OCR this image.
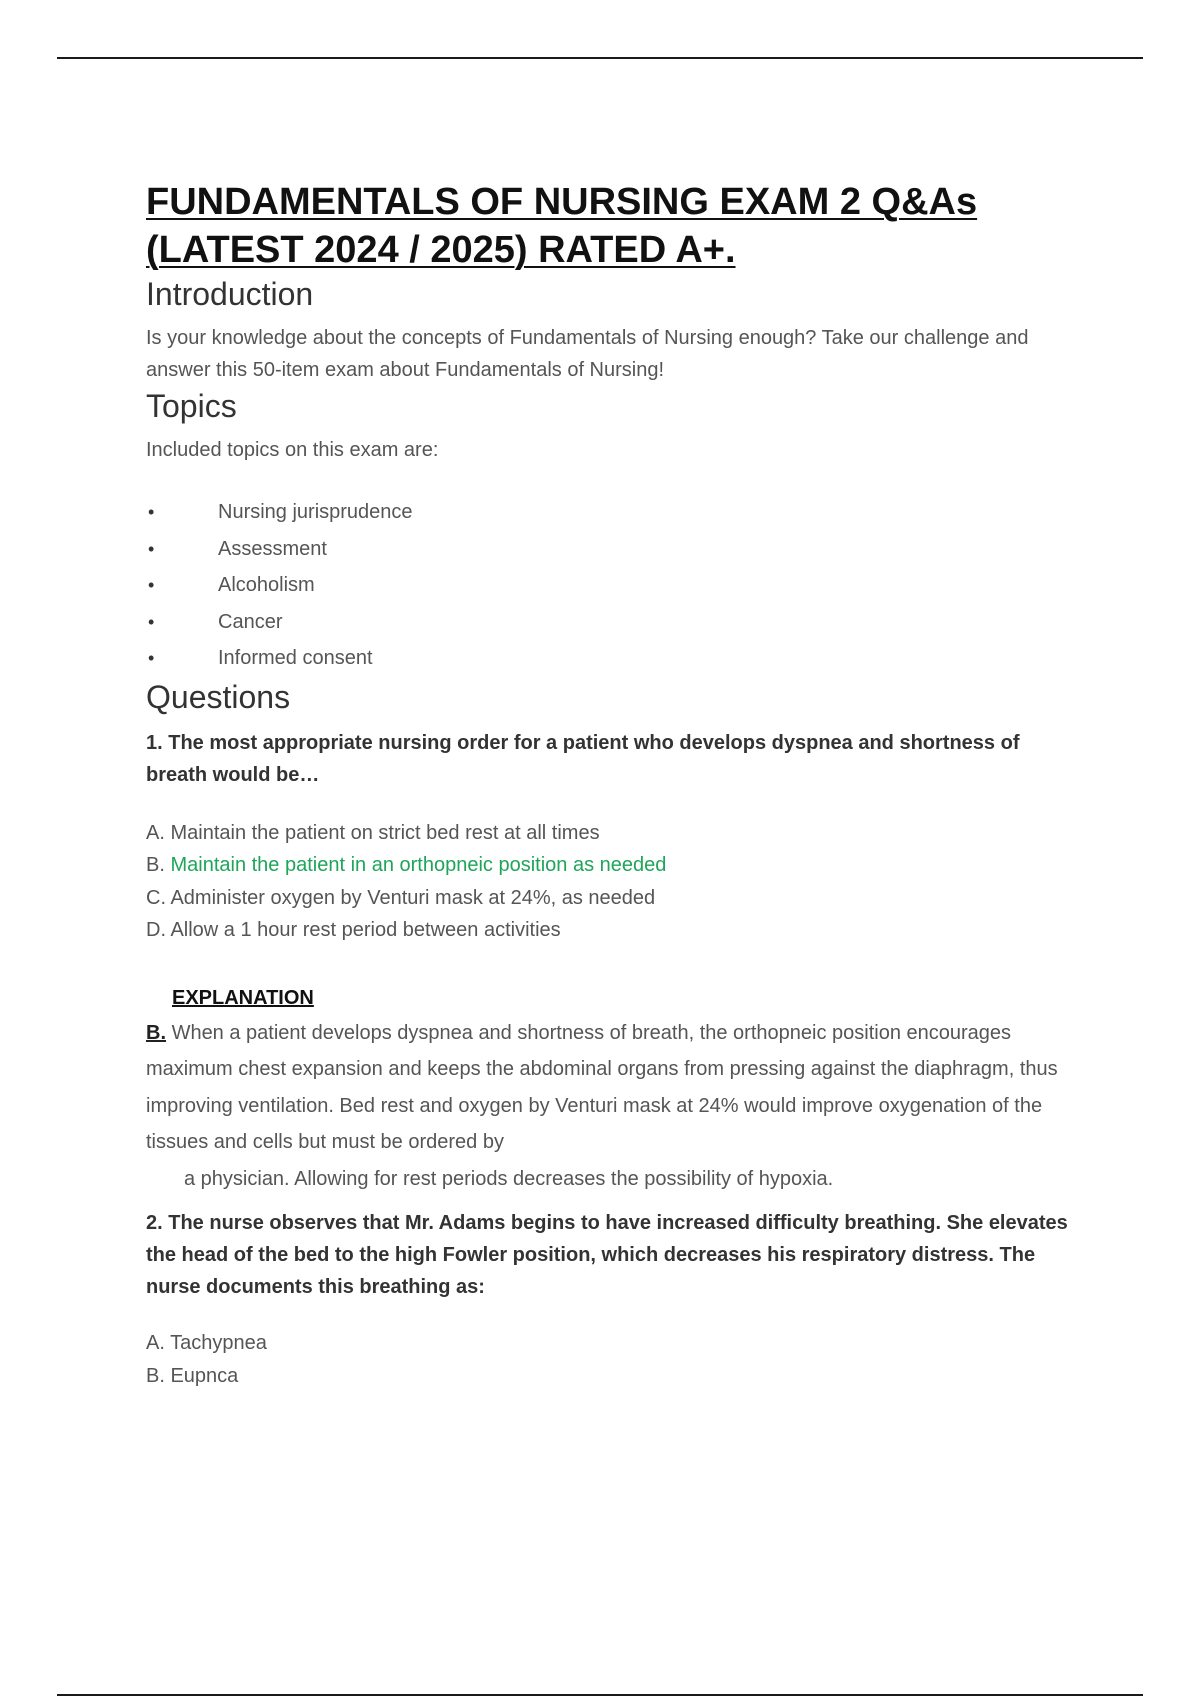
FUNDAMENTALS OF NURSING EXAM 2 Q&As
(LATEST 2024 / 2025) RATED A+.
Introduction

Is your knowledge about the concepts of Fundamentals of Nursing enough? Take our challenge and answer this 50-item exam about Fundamentals of Nursing!

Topics

Included topics on this exam are:

•	Nursing jurisprudence
•	Assessment
•	Alcoholism
•	Cancer
•	Informed consent
Questions

1. The most appropriate nursing order for a patient who develops dyspnea and shortness of breath would be…

A. Maintain the patient on strict bed rest at all times
B. Maintain the patient in an orthopneic position as needed
C. Administer oxygen by Venturi mask at 24%, as needed
D. Allow a 1 hour rest period between activities
EXPLANATION

B. When a patient develops dyspnea and shortness of breath, the orthopneic position encourages maximum chest expansion and keeps the abdominal organs from pressing against the diaphragm, thus improving ventilation. Bed rest and oxygen by Venturi mask at 24% would improve oxygenation of the tissues and cells but must be ordered by

a physician. Allowing for rest periods decreases the possibility of hypoxia.

2. The nurse observes that Mr. Adams begins to have increased difficulty breathing. She elevates the head of the bed to the high Fowler position, which decreases his respiratory distress. The nurse documents this breathing as:

A. Tachypnea
B. Eupnca
